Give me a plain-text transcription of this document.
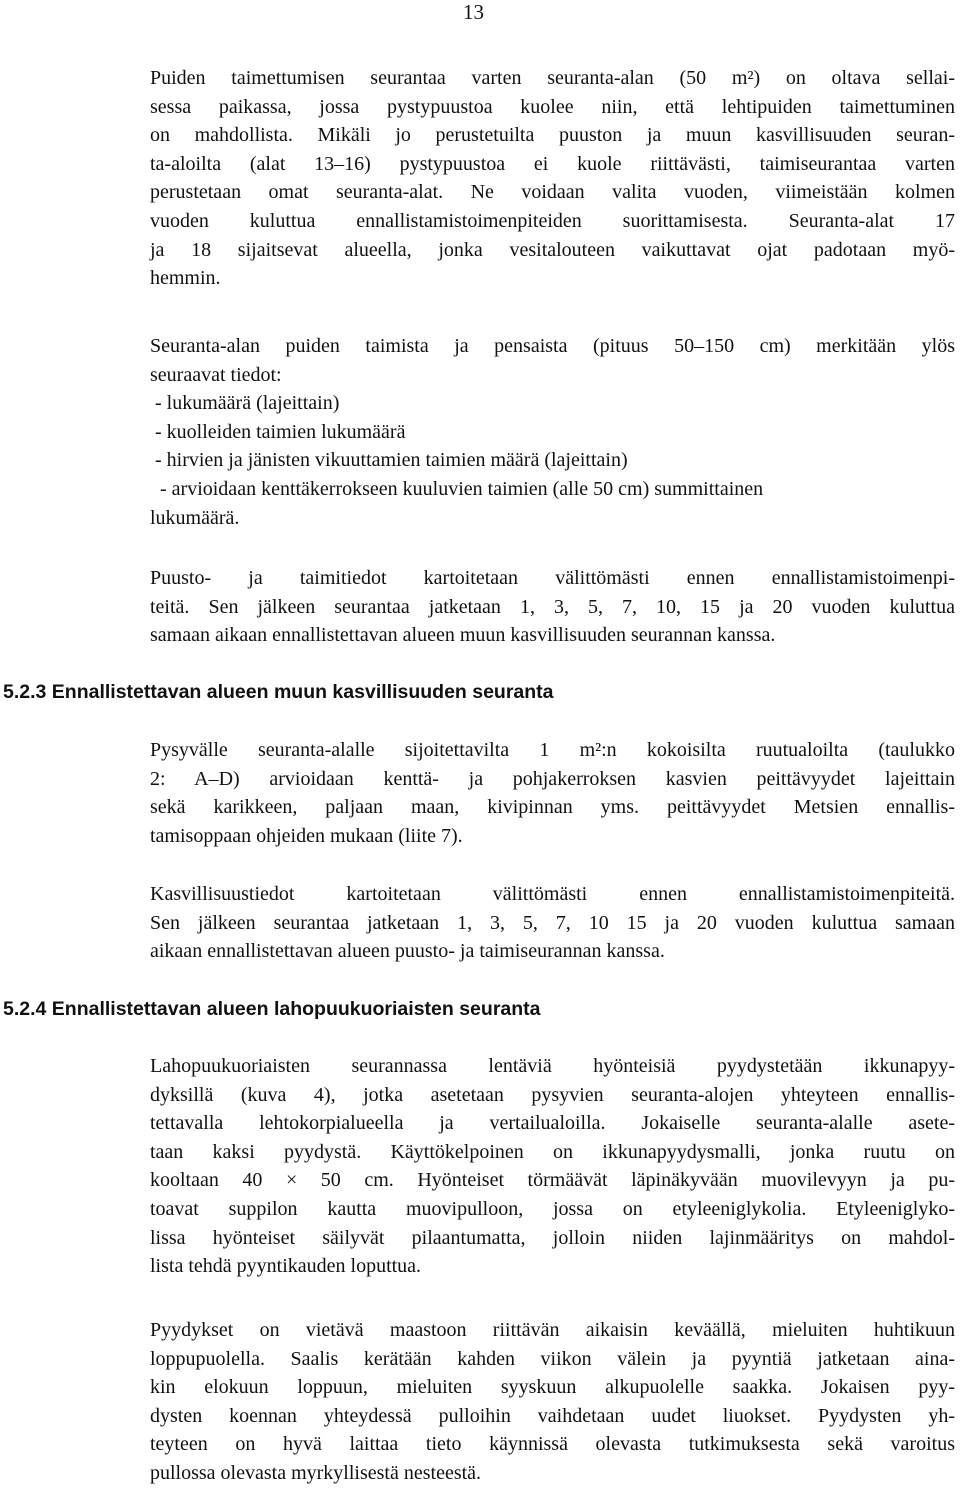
13

Puiden taimettumisen seurantaa varten seuranta-alan (50 m²) on oltava sellai-
sessa paikassa, jossa pystypuustoa kuolee niin, että lehtipuiden taimettuminen
on mahdollista. Mikäli jo perustetuilta puuston ja muun kasvillisuuden seuran-
ta-aloilta (alat 13–16) pystypuustoa ei kuole riittävästi, taimiseurantaa varten
perustetaan omat seuranta-alat. Ne voidaan valita vuoden, viimeistään kolmen
vuoden kuluttua ennallistamistoimenpiteiden suorittamisesta. Seuranta-alat 17
ja 18 sijaitsevat alueella, jonka vesitalouteen vaikuttavat ojat padotaan myö-
hemmin.

Seuranta-alan puiden taimista ja pensaista (pituus 50–150 cm) merkitään ylös
seuraavat tiedot:
- lukumäärä (lajeittain)
- kuolleiden taimien lukumäärä
- hirvien ja jänisten vikuuttamien taimien määrä (lajeittain)
- arvioidaan kenttäkerrokseen kuuluvien taimien (alle 50 cm) summittainen
lukumäärä.

Puusto- ja taimitiedot kartoitetaan välittömästi ennen ennallistamistoimenpi-
teitä. Sen jälkeen seurantaa jatketaan 1, 3, 5, 7, 10, 15 ja 20 vuoden kuluttua
samaan aikaan ennallistettavan alueen muun kasvillisuuden seurannan kanssa.

5.2.3 Ennallistettavan alueen muun kasvillisuuden seuranta

Pysyvälle seuranta-alalle sijoitettavilta 1 m²:n kokoisilta ruutualoilta (taulukko
2: A–D) arvioidaan kenttä- ja pohjakerroksen kasvien peittävyydet lajeittain
sekä karikkeen, paljaan maan, kivipinnan yms. peittävyydet Metsien ennallis-
tamisoppaan ohjeiden mukaan (liite 7).

Kasvillisuustiedot kartoitetaan välittömästi ennen ennallistamistoimenpiteitä.
Sen jälkeen seurantaa jatketaan 1, 3, 5, 7, 10 15 ja 20 vuoden kuluttua samaan
aikaan ennallistettavan alueen puusto- ja taimiseurannan kanssa.

5.2.4 Ennallistettavan alueen lahopuukuoriaisten seuranta

Lahopuukuoriaisten seurannassa lentäviä hyönteisiä pyydystetään ikkunapyy-
dyksillä (kuva 4), jotka asetetaan pysyvien seuranta-alojen yhteyteen ennallis-
tettavalla lehtokorpialueella ja vertailualoilla. Jokaiselle seuranta-alalle asete-
taan kaksi pyydystä. Käyttökelpoinen on ikkunapyydysmalli, jonka ruutu on
kooltaan 40 × 50 cm. Hyönteiset törmäävät läpinäkyvään muovilevyyn ja pu-
toavat suppilon kautta muovipulloon, jossa on etyleeniglykolia. Etyleeniglyko-
lissa hyönteiset säilyvät pilaantumatta, jolloin niiden lajinmääritys on mahdol-
lista tehdä pyyntikauden loputtua.

Pyydykset on vietävä maastoon riittävän aikaisin keväällä, mieluiten huhtikuun
loppupuolella. Saalis kerätään kahden viikon välein ja pyyntiä jatketaan aina-
kin elokuun loppuun, mieluiten syyskuun alkupuolelle saakka. Jokaisen pyy-
dysten koennan yhteydessä pulloihin vaihdetaan uudet liuokset. Pyydysten yh-
teyteen on hyvä laittaa tieto käynnissä olevasta tutkimuksesta sekä varoitus
pullossa olevasta myrkyllisestä nesteestä.
